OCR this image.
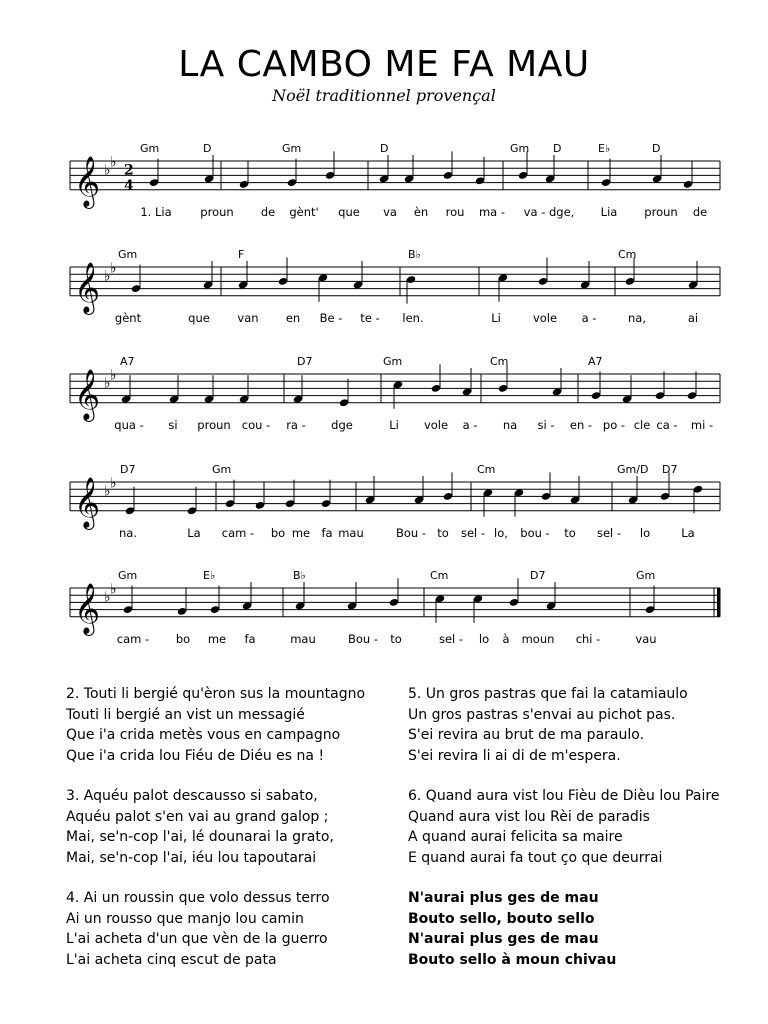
LA CAMBO ME FA MAU
Noël traditionnel provençal
Gm	D	Gm	D	Gm D	E♭	D
𝄞 ♭ ♭ 2
4
Gm	F	B♭	Cm
𝄞 ♭ ♭
A7	D7	Gm	Cm	A7
𝄞 ♭ ♭
D7	Gm	Cm	Gm/D D7
𝄞 ♭ ♭
Gm	E♭	B♭	Cm	D7	Gm
𝄞 ♭ ♭
1. Lia proun de gènt' que va èn rou ma - va - dge, Lia proun de
gènt	que van en Be - te - len.	Li	vole a -	na,	ai
qua - si proun cou - ra - dge	Li vole a - na si - en - po - cle ca - mi -
na.	La cam - bo me fa mau	Bou - to sel - lo, bou - to sel - lo	La
cam - bo me fa	mau	Bou - to	sel - lo à moun chi -	vau
2. Touti li bergié qu'èron sus la mountagno
Touti li bergié an vist un messagié
Que i'a crida metès vous en campagno
Que i'a crida lou Fiéu de Diéu es na !
3. Aquéu palot descausso si sabato,
Aquéu palot s'en vai au grand galop ;
Mai, se'n-cop l'ai, lé dounarai la grato,
Mai, se'n-cop l'ai, iéu lou tapoutarai
4. Ai un roussin que volo dessus terro
Ai un rousso que manjo lou camin
L'ai acheta d'un que vèn de la guerro
L'ai acheta cinq escut de pata
5. Un gros pastras que fai la catamiaulo
Un gros pastras s'envai au pichot pas.
S'ei revira au brut de ma paraulo.
S'ei revira li ai di de m'espera.
6. Quand aura vist lou Fièu de Dièu lou Paire
Quand aura vist lou Rèi de paradis
A quand aurai felicita sa maire
E quand aurai fa tout ço que deurrai
N'aurai plus ges de mau
Bouto sello, bouto sello
N'aurai plus ges de mau
Bouto sello à moun chivau
